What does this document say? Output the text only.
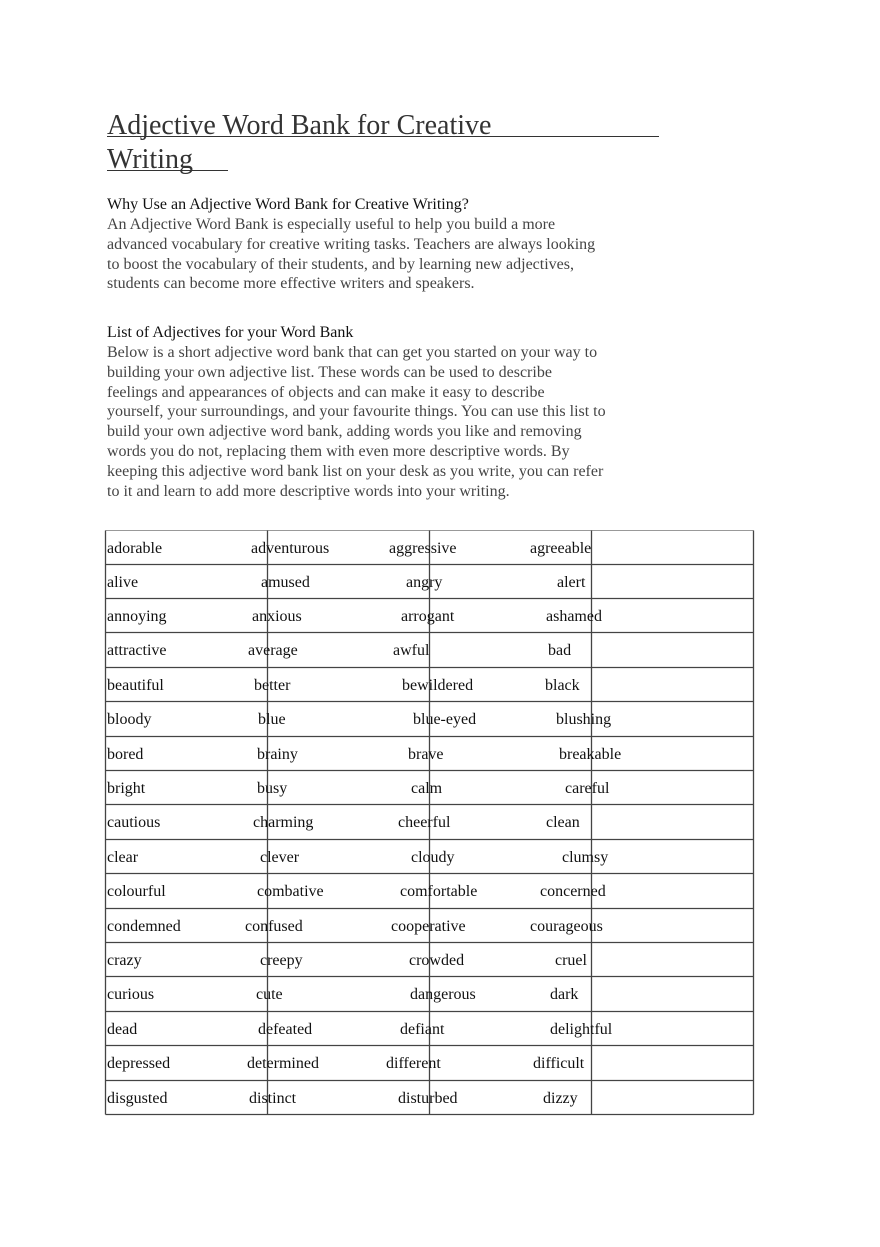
Adjective Word Bank for Creative
Writing
Why Use an Adjective Word Bank for Creative Writing?
An Adjective Word Bank is especially useful to help you build a more
advanced vocabulary for creative writing tasks. Teachers are always looking
to boost the vocabulary of their students, and by learning new adjectives,
students can become more effective writers and speakers.
List of Adjectives for your Word Bank
Below is a short adjective word bank that can get you started on your way to
building your own adjective list. These words can be used to describe
feelings and appearances of objects and can make it easy to describe
yourself, your surroundings, and your favourite things. You can use this list to
build your own adjective word bank, adding words you like and removing
words you do not, replacing them with even more descriptive words. By
keeping this adjective word bank list on your desk as you write, you can refer
to it and learn to add more descriptive words into your writing.
adorable	adventurous	aggressive	agreeable
alive	amused	angry	alert
annoying	anxious	arrogant	ashamed
attractive	average	awful	bad
beautiful	better	bewildered	black
bloody	blue	blue-eyed	blushing
bored	brainy	brave	breakable
bright	busy	calm	careful
cautious	charming	cheerful	clean
clear	clever	cloudy	clumsy
colourful	combative	comfortable	concerned
condemned	confused	cooperative	courageous
crazy	creepy	crowded	cruel
curious	cute	dangerous	dark
dead	defeated	defiant	delightful
depressed	determined	different	difficult
disgusted	distinct	disturbed	dizzy
